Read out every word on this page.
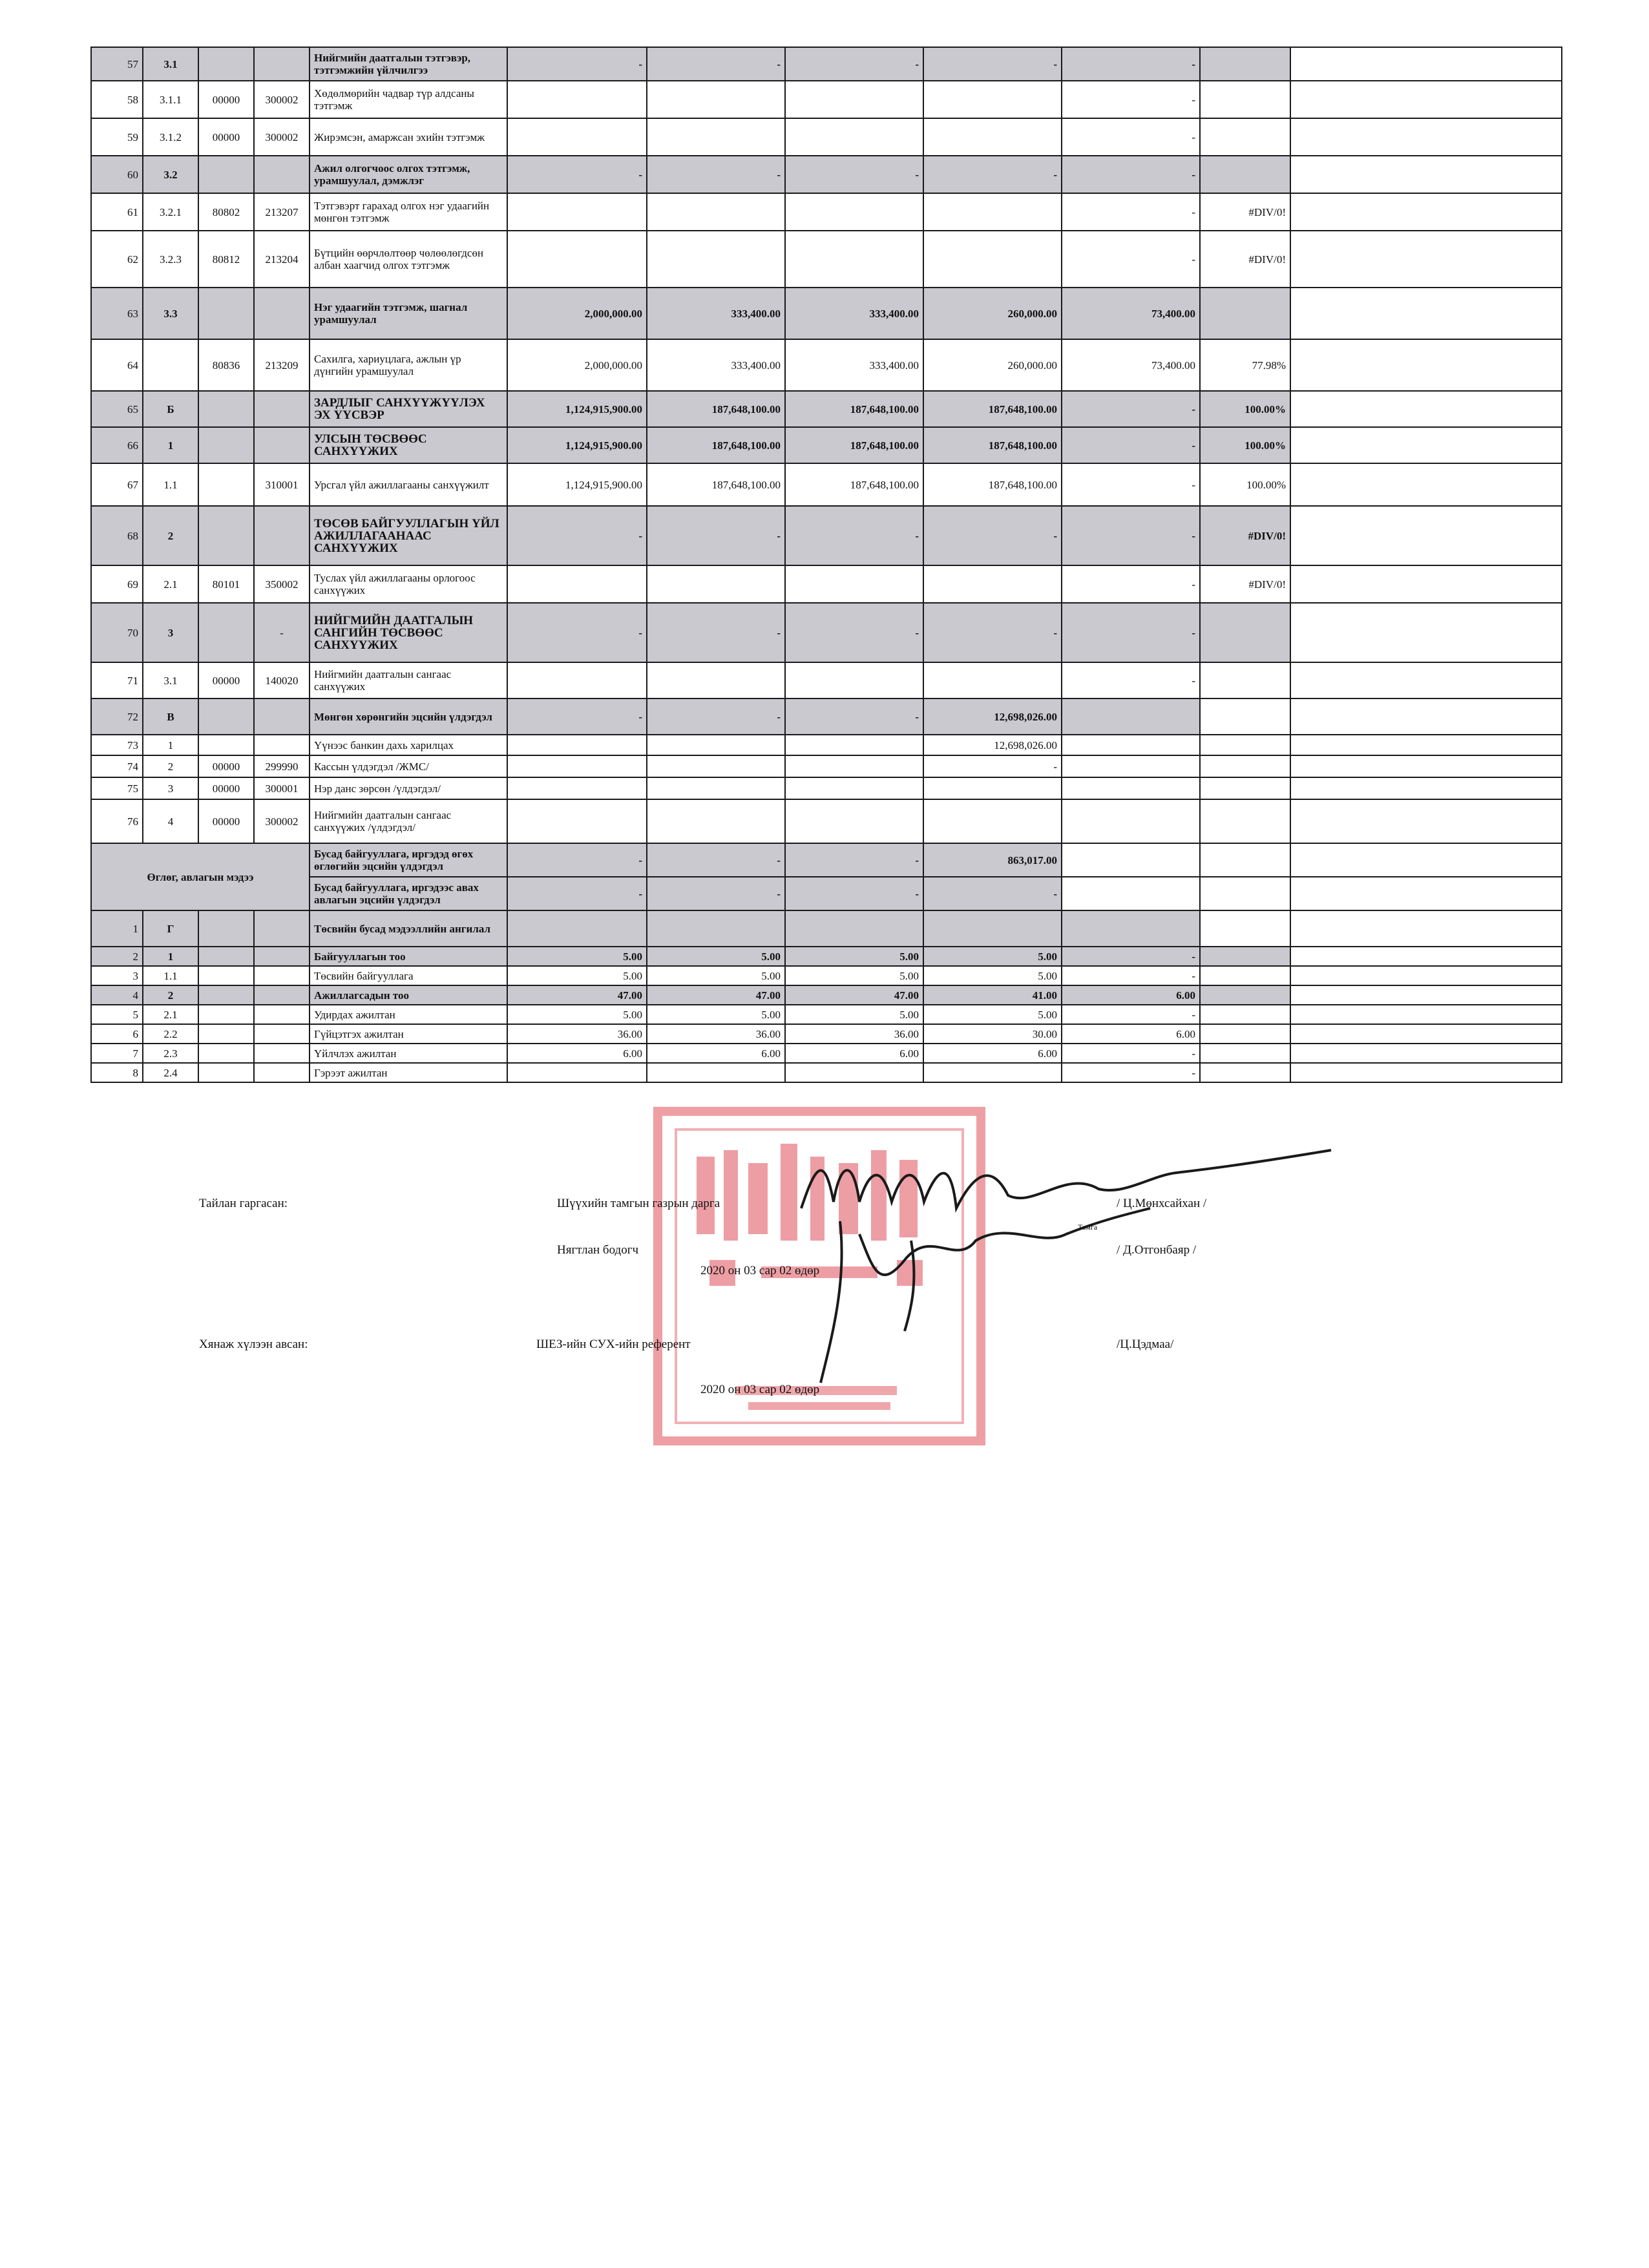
57	3.1			Нийгмийн даатгалын тэтгэвэр, тэтгэмжийн үйлчилгээ	-	-	-	-	-		
58	3.1.1	00000	300002	Хөдөлмөрийн чадвар түр алдсаны тэтгэмж					-		
59	3.1.2	00000	300002	Жирэмсэн, амаржсан эхийн тэтгэмж					-		
60	3.2			Ажил олгогчоос олгох тэтгэмж, урамшуулал, дэмжлэг	-	-	-	-	-		
61	3.2.1	80802	213207	Тэтгэвэрт гарахад олгох нэг удаагийн мөнгөн тэтгэмж					-	#DIV/0!	
62	3.2.3	80812	213204	Бүтцийн өөрчлөлтөөр чөлөөлөгдсөн албан хаагчид олгох тэтгэмж					-	#DIV/0!	
63	3.3			Нэг удаагийн тэтгэмж, шагнал урамшуулал	2,000,000.00	333,400.00	333,400.00	260,000.00	73,400.00		
64		80836	213209	Сахилга, хариуцлага, ажлын үр дүнгийн урамшуулал	2,000,000.00	333,400.00	333,400.00	260,000.00	73,400.00	77.98%	
65	Б			ЗАРДЛЫГ САНХҮҮЖҮҮЛЭХ ЭХ ҮҮСВЭР	1,124,915,900.00	187,648,100.00	187,648,100.00	187,648,100.00	-	100.00%	
66	1			УЛСЫН ТӨСВӨӨС САНХҮҮЖИХ	1,124,915,900.00	187,648,100.00	187,648,100.00	187,648,100.00	-	100.00%	
67	1.1		310001	Урсгал үйл ажиллагааны санхүүжилт	1,124,915,900.00	187,648,100.00	187,648,100.00	187,648,100.00	-	100.00%	
68	2			ТӨСӨВ БАЙГУУЛЛАГЫН ҮЙЛ АЖИЛЛАГААНААС САНХҮҮЖИХ	-	-	-	-	-	#DIV/0!	
69	2.1	80101	350002	Туслах үйл ажиллагааны орлогоос санхүүжих					-	#DIV/0!	
70	3		-	НИЙГМИЙН ДААТГАЛЫН САНГИЙН ТӨСВӨӨС САНХҮҮЖИХ	-	-	-	-	-		
71	3.1	00000	140020	Нийгмийн даатгалын сангаас санхүүжих					-		
72	В			Мөнгөн хөрөнгийн эцсийн үлдэгдэл	-	-	-	12,698,026.00			
73	1			Үүнээс банкин дахь харилцах				12,698,026.00			
74	2	00000	299990	Кассын үлдэгдэл /ЖМС/				-			
75	3	00000	300001	Нэр данс зөрсөн /үлдэгдэл/							
76	4	00000	300002	Нийгмийн даатгалын сангаас санхүүжих /үлдэгдэл/							
Өглөг, авлагын мэдээ				Бусад байгууллага, иргэдэд өгөх өглөгийн эцсийн үлдэгдэл	-	-	-	863,017.00			
				Бусад байгууллага, иргэдээс авах авлагын эцсийн үлдэгдэл	-	-	-	-			
1	Г			Төсвийн бусад мэдээллийн ангилал							
2	1			Байгууллагын тоо	5.00	5.00	5.00	5.00	-		
3	1.1			Төсвийн байгууллага	5.00	5.00	5.00	5.00	-		
4	2			Ажиллагсадын тоо	47.00	47.00	47.00	41.00	6.00		
5	2.1			Удирдах ажилтан	5.00	5.00	5.00	5.00	-		
6	2.2			Гүйцэтгэх ажилтан	36.00	36.00	36.00	30.00	6.00		
7	2.3			Үйлчлэх ажилтан	6.00	6.00	6.00	6.00	-		
8	2.4			Гэрээт ажилтан					-		
Тайлан гаргасан:	Шүүхийн тамгын газрын дарга	/ Ц.Мөнхсайхан /
Тамга
Нягтлан бодогч	/ Д.Отгонбаяр /
2020 он 03 сар 02 өдөр
Хянаж хүлээн авсан:	ШЕЗ-ийн СУХ-ийн референт	/Ц.Цэдмаа/
2020 он 03 сар 02 өдөр
